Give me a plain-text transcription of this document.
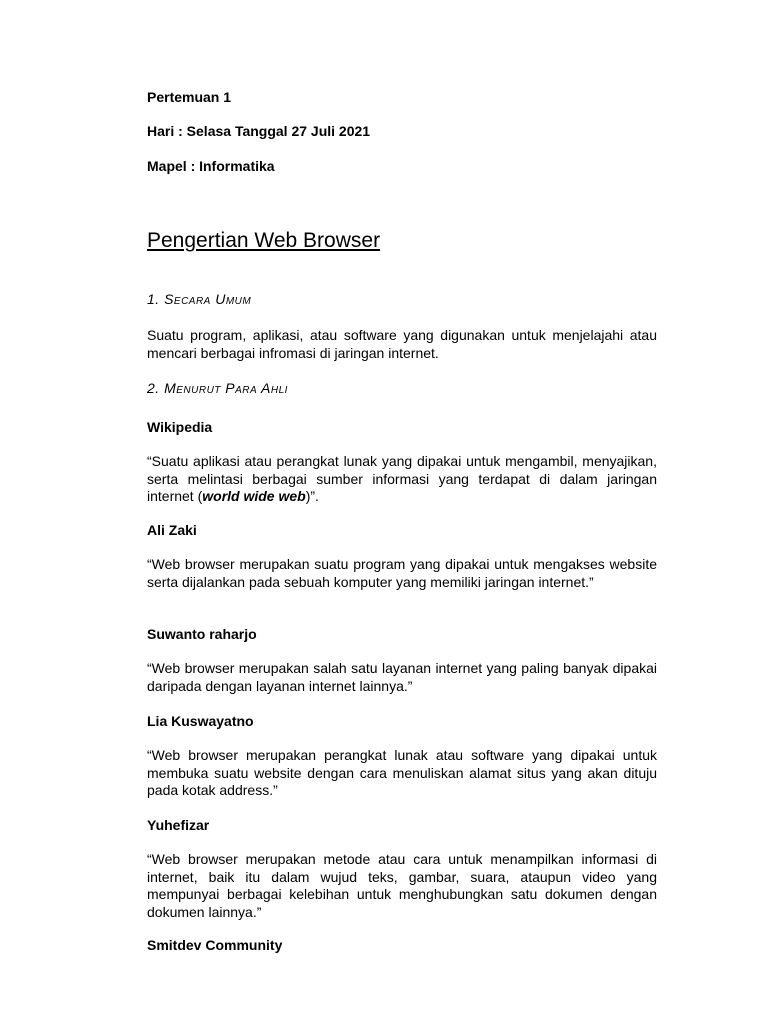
Pertemuan 1

Hari : Selasa Tanggal 27 Juli 2021

Mapel : Informatika

Pengertian Web Browser
1. Secara Umum

Suatu program, aplikasi, atau software yang digunakan untuk menjelajahi atau mencari berbagai infromasi di jaringan internet.

2. Menurut Para Ahli

Wikipedia

“Suatu aplikasi atau perangkat lunak yang dipakai untuk mengambil, menyajikan, serta melintasi berbagai sumber informasi yang terdapat di dalam jaringan internet (world wide web)”.

Ali Zaki

“Web browser merupakan suatu program yang dipakai untuk mengakses website serta dijalankan pada sebuah komputer yang memiliki jaringan internet.”

Suwanto raharjo

“Web browser merupakan salah satu layanan internet yang paling banyak dipakai daripada dengan layanan internet lainnya.”

Lia Kuswayatno

“Web browser merupakan perangkat lunak atau software yang dipakai untuk membuka suatu website dengan cara menuliskan alamat situs yang akan dituju pada kotak address.”

Yuhefizar

“Web browser merupakan metode atau cara untuk menampilkan informasi di internet, baik itu dalam wujud teks, gambar, suara, ataupun video yang mempunyai berbagai kelebihan untuk menghubungkan satu dokumen dengan dokumen lainnya.”

Smitdev Community
